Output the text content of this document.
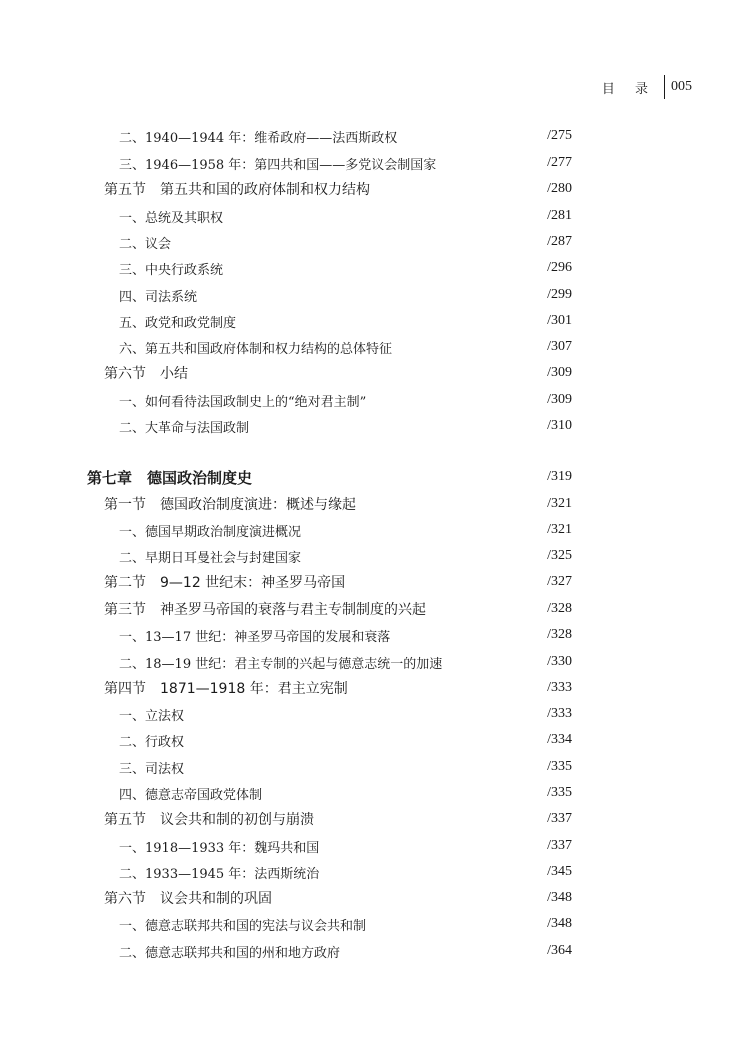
目 录	005
二、1940—1944 年：维希政府——法西斯政权	/275
三、1946—1958 年：第四共和国——多党议会制国家	/277
第五节　第五共和国的政府体制和权力结构	/280
一、总统及其职权	/281
二、议会	/287
三、中央行政系统	/296
四、司法系统	/299
五、政党和政党制度	/301
六、第五共和国政府体制和权力结构的总体特征	/307
第六节　小结	/309
一、如何看待法国政制史上的“绝对君主制”	/309
二、大革命与法国政制	/310
第七章　德国政治制度史	/319
第一节　德国政治制度演进：概述与缘起	/321
一、德国早期政治制度演进概况	/321
二、早期日耳曼社会与封建国家	/325
第二节　9—12 世纪末：神圣罗马帝国	/327
第三节　神圣罗马帝国的衰落与君主专制制度的兴起	/328
一、13—17 世纪：神圣罗马帝国的发展和衰落	/328
二、18—19 世纪：君主专制的兴起与德意志统一的加速	/330
第四节　1871—1918 年：君主立宪制	/333
一、立法权	/333
二、行政权	/334
三、司法权	/335
四、德意志帝国政党体制	/335
第五节　议会共和制的初创与崩溃	/337
一、1918—1933 年：魏玛共和国	/337
二、1933—1945 年：法西斯统治	/345
第六节　议会共和制的巩固	/348
一、德意志联邦共和国的宪法与议会共和制	/348
二、德意志联邦共和国的州和地方政府	/364
